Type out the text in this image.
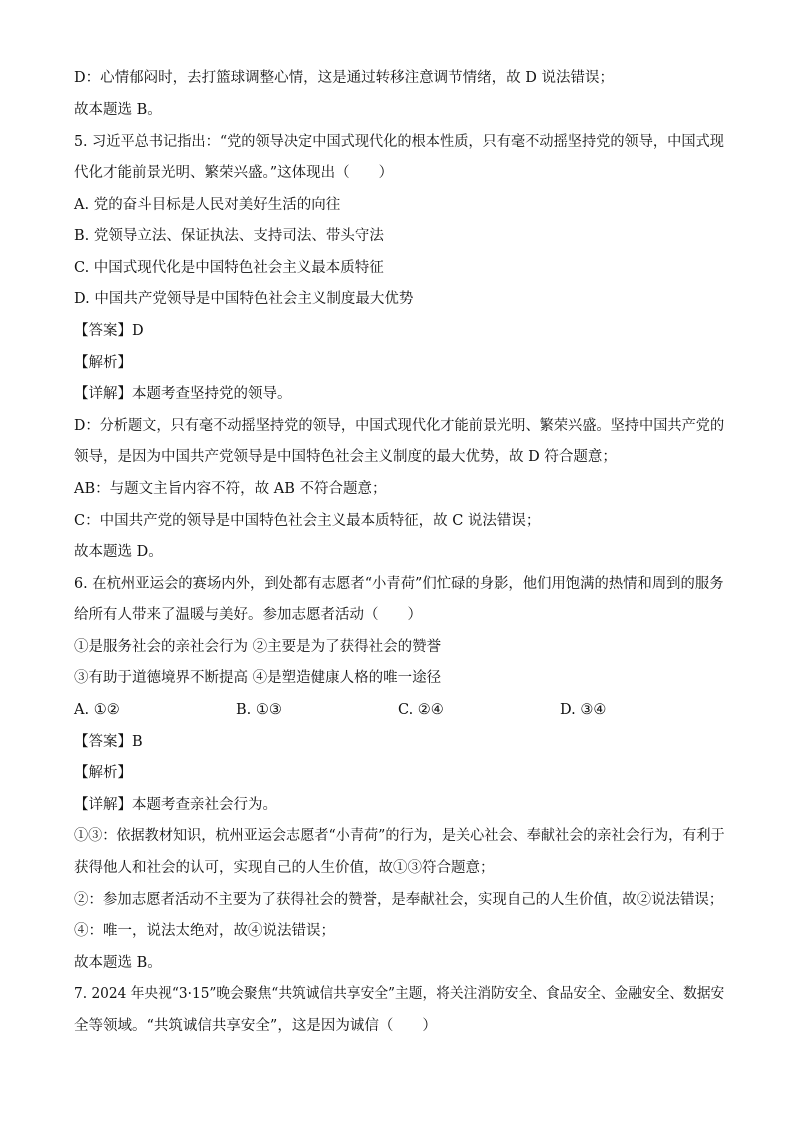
D：心情郁闷时，去打篮球调整心情，这是通过转移注意调节情绪，故 D 说法错误；
故本题选 B。
5. 习近平总书记指出：“党的领导决定中国式现代化的根本性质，只有毫不动摇坚持党的领导，中国式现
代化才能前景光明、繁荣兴盛。”这体现出（　　）
A. 党的奋斗目标是人民对美好生活的向往
B. 党领导立法、保证执法、支持司法、带头守法
C. 中国式现代化是中国特色社会主义最本质特征
D. 中国共产党领导是中国特色社会主义制度最大优势
【答案】D
【解析】
【详解】本题考查坚持党的领导。
D：分析题文，只有毫不动摇坚持党的领导，中国式现代化才能前景光明、繁荣兴盛。坚持中国共产党的
领导，是因为中国共产党领导是中国特色社会主义制度的最大优势，故 D 符合题意；
AB：与题文主旨内容不符，故 AB 不符合题意；
C：中国共产党的领导是中国特色社会主义最本质特征，故 C 说法错误；
故本题选 D。
6. 在杭州亚运会的赛场内外，到处都有志愿者“小青荷”们忙碌的身影，他们用饱满的热情和周到的服务
给所有人带来了温暖与美好。参加志愿者活动（　　）
①是服务社会的亲社会行为 ②主要是为了获得社会的赞誉
③有助于道德境界不断提高 ④是塑造健康人格的唯一途径
A. ①②	B. ①③	C. ②④	D. ③④
【答案】B
【解析】
【详解】本题考查亲社会行为。
①③：依据教材知识，杭州亚运会志愿者“小青荷”的行为，是关心社会、奉献社会的亲社会行为，有利于
获得他人和社会的认可，实现自己的人生价值，故①③符合题意；
②：参加志愿者活动不主要为了获得社会的赞誉，是奉献社会，实现自己的人生价值，故②说法错误；
④：唯一，说法太绝对，故④说法错误；
故本题选 B。
7. 2024 年央视“3·15”晚会聚焦“共筑诚信共享安全”主题，将关注消防安全、食品安全、金融安全、数据安
全等领域。“共筑诚信共享安全”，这是因为诚信（　　）
